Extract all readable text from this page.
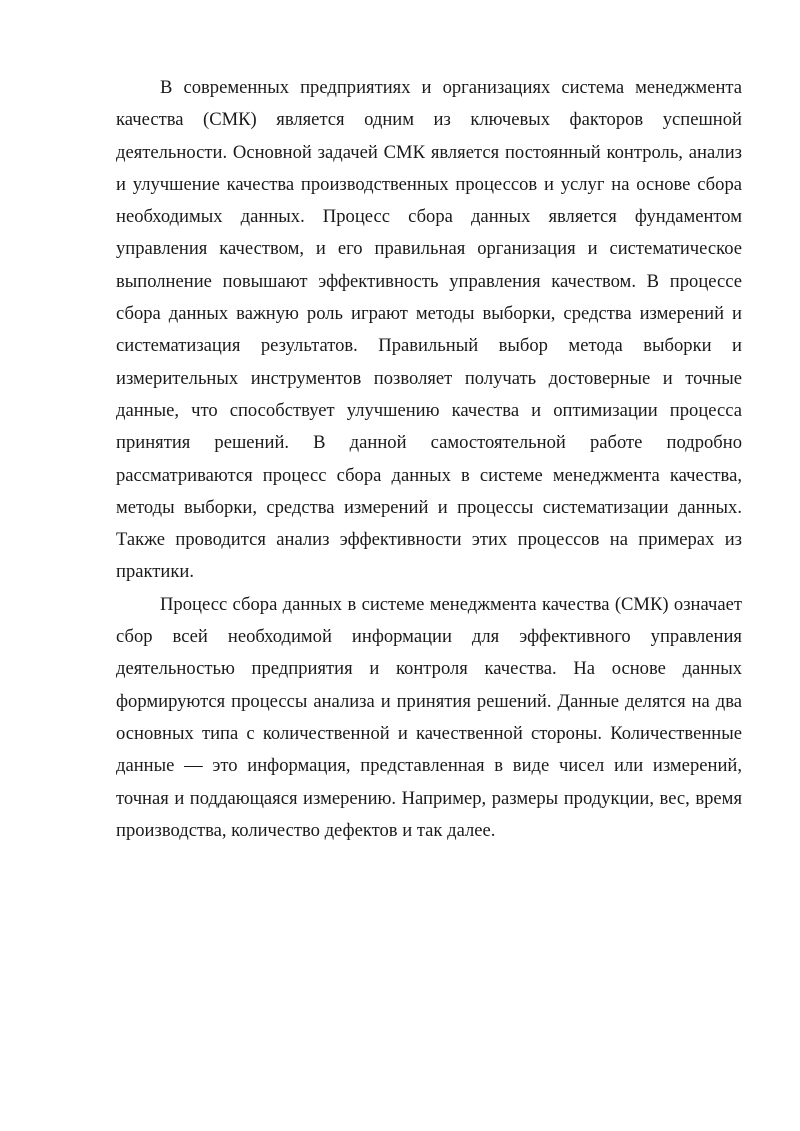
В современных предприятиях и организациях система менеджмента качества (СМК) является одним из ключевых факторов успешной деятельности. Основной задачей СМК является постоянный контроль, анализ и улучшение качества производственных процессов и услуг на основе сбора необходимых данных. Процесс сбора данных является фундаментом управления качеством, и его правильная организация и систематическое выполнение повышают эффективность управления качеством. В процессе сбора данных важную роль играют методы выборки, средства измерений и систематизация результатов. Правильный выбор метода выборки и измерительных инструментов позволяет получать достоверные и точные данные, что способствует улучшению качества и оптимизации процесса принятия решений. В данной самостоятельной работе подробно рассматриваются процесс сбора данных в системе менеджмента качества, методы выборки, средства измерений и процессы систематизации данных. Также проводится анализ эффективности этих процессов на примерах из практики.

Процесс сбора данных в системе менеджмента качества (СМК) означает сбор всей необходимой информации для эффективного управления деятельностью предприятия и контроля качества. На основе данных формируются процессы анализа и принятия решений. Данные делятся на два основных типа с количественной и качественной стороны. Количественные данные — это информация, представленная в виде чисел или измерений, точная и поддающаяся измерению. Например, размеры продукции, вес, время производства, количество дефектов и так далее.
